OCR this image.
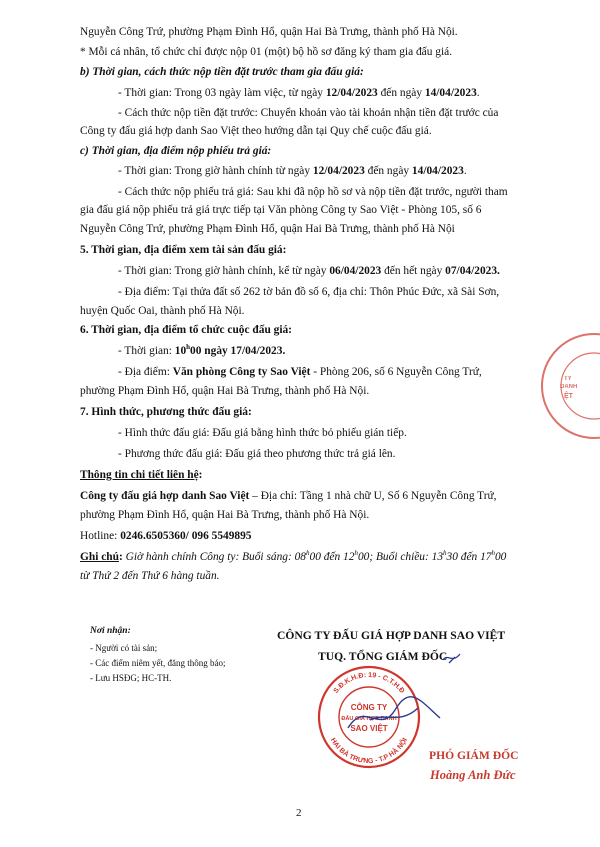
Nguyễn Công Trứ, phường Phạm Đình Hổ, quận Hai Bà Trưng, thành phố Hà Nội.
* Mỗi cá nhân, tổ chức chỉ được nộp 01 (một) bộ hồ sơ đăng ký tham gia đấu giá.
b) Thời gian, cách thức nộp tiền đặt trước tham gia đấu giá:
- Thời gian: Trong 03 ngày làm việc, từ ngày 12/04/2023 đến ngày 14/04/2023.
- Cách thức nộp tiền đặt trước: Chuyển khoản vào tài khoản nhận tiền đặt trước của
Công ty đấu giá hợp danh Sao Việt theo hướng dẫn tại Quy chế cuộc đấu giá.
c) Thời gian, địa điểm nộp phiếu trả giá:
- Thời gian: Trong giờ hành chính từ ngày 12/04/2023 đến ngày 14/04/2023.
- Cách thức nộp phiếu trả giá: Sau khi đã nộp hồ sơ và nộp tiền đặt trước, người tham
gia đấu giá nộp phiếu trả giá trực tiếp tại Văn phòng Công ty Sao Việt - Phòng 105, số 6
Nguyễn Công Trứ, phường Phạm Đình Hổ, quận Hai Bà Trưng, thành phố Hà Nội
5. Thời gian, địa điểm xem tài sản đấu giá:
- Thời gian: Trong giờ hành chính, kể từ ngày 06/04/2023 đến hết ngày 07/04/2023.
- Địa điểm: Tại thửa đất số 262 tờ bản đồ số 6, địa chỉ: Thôn Phúc Đức, xã Sài Sơn,
huyện Quốc Oai, thành phố Hà Nội.
6. Thời gian, địa điểm tổ chức cuộc đấu giá:
- Thời gian: 10$^h$00 ngày 17/04/2023.
- Địa điểm: Văn phòng Công ty Sao Việt - Phòng 206, số 6 Nguyễn Công Trứ,
phường Phạm Đình Hổ, quận Hai Bà Trưng, thành phố Hà Nội.
7. Hình thức, phương thức đấu giá:
- Hình thức đấu giá: Đấu giá bằng hình thức bỏ phiếu gián tiếp.
- Phương thức đấu giá: Đấu giá theo phương thức trả giá lên.
Thông tin chi tiết liên hệ:
Công ty đấu giá hợp danh Sao Việt – Địa chỉ: Tầng 1 nhà chữ U, Số 6 Nguyễn Công Trứ,
phường Phạm Đình Hổ, quận Hai Bà Trưng, thành phố Hà Nội.
Hotline: 0246.6505360/ 096 5549895
Ghi chú: Giờ hành chính Công ty: Buổi sáng: 08$^h$00 đến 12$^h$00; Buổi chiều: 13$^h$30 đến 17$^h$00
từ Thứ 2 đến Thứ 6 hàng tuần.
Nơi nhận:
- Người có tài sản;
- Các điểm niêm yết, đăng thông báo;
- Lưu HSĐG; HC-TH.
CÔNG TY ĐẤU GIÁ HỢP DANH SAO VIỆT
TUQ. TỔNG GIÁM ĐỐC
S.Đ.K.H.Đ: 19 - C.T.H.Đ
HAI BÀ TRƯNG - T.P HÀ NỘI
CÔNG TY
ĐẤU GIÁ HỢP DANH
SAO VIỆT
PHÓ GIÁM ĐỐC
Hoàng Anh Đức
TY
DANH
ỆT
2
